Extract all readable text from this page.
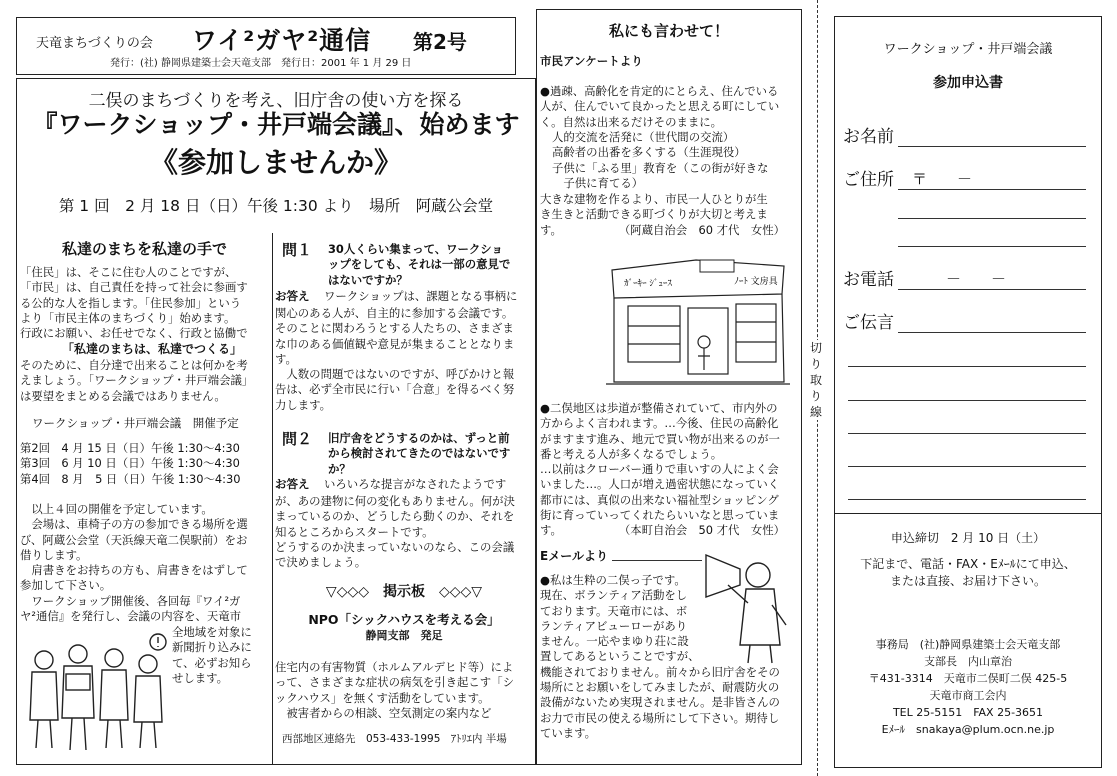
天竜まちづくりの会 ワイ²ガヤ²通信 第2号
発行：(社) 静岡県建築士会天竜支部　発行日：2001 年 1 月 29 日
二俣のまちづくりを考え、旧庁舎の使い方を探る
『ワークショップ・井戸端会議』、始めます
《参加しませんか》
第 1 回　2 月 18 日（日）午後 1:30 より　場所　阿蔵公会堂
私達のまちを私達の手で
「住民」は、そこに住む人のことですが、
「市民」は、自己責任を持って社会に参画す
る公的な人を指します。「住民参加」という
より「市民主体のまちづくり」始めます。
行政にお願い、お任せでなく、行政と協働で
「私達のまちは、私達でつくる」
そのために、自分達で出来ることは何かを考
えましょう。「ワークショップ・井戸端会議」
は要望をまとめる会議ではありません。
ワークショップ・井戸端会議　開催予定
第2回　4 月 15 日（日）午後 1:30〜4:30
第3回　6 月 10 日（日）午後 1:30〜4:30
第4回　8 月　5 日（日）午後 1:30〜4:30
　以上４回の開催を予定しています。
　会場は、車椅子の方の参加できる場所を選
び、阿蔵公会堂（天浜線天竜二俣駅前）をお
借りします。
　肩書きをお持ちの方も、肩書きをはずして
参加して下さい。
　ワークショップ開催後、各回毎『ワイ²ガ
ヤ²通信』を発行し、会議の内容を、天竜市
全地域を対象に
新聞折り込みに
て、必ずお知ら
せします。
問１ 30人くらい集まって、ワークショ
ップをしても、それは一部の意見で
はないですか？
お答え ワークショップは、課題となる事柄に
関心のある人が、自主的に参加する会議です。
そのことに関わろうとする人たちの、さまざま
な巾のある価値観や意見が集まることとなりま
す。
　人数の問題ではないのですが、呼びかけと報
告は、必ず全市民に行い「合意」を得るべく努
力します。
問２ 旧庁舎をどうするのかは、ずっと前
から検討されてきたのではないです
か？
お答え いろいろな提言がなされたようです
が、あの建物に何の変化もありません。何が決
まっているのか、どうしたら動くのか、それを
知るところからスタートです。
どうするのか決まっていないのなら、この会議
で決めましょう。
▽◇◇◇　掲示板　◇◇◇▽
NPO「シックハウスを考える会」
静岡支部　発足
住宅内の有害物質（ホルムアルデヒド等）によ
って、さまざまな症状の病気を引き起こす「シ
ックハウス」を無くす活動をしています。
　被害者からの相談、空気測定の案内など
西部地区連絡先　053-433-1995　ｱﾄﾘｴ内 半場
私にも言わせて！
市民アンケートより
●過疎、高齢化を肯定的にとらえ、住んでいる
人が、住んでいて良かったと思える町にしてい
く。自然は出来るだけそのままに。
人的交流を活発に（世代間の交流）
高齢者の出番を多くする（生涯現役）
子供に「ふる里」教育を（この街が好きな
　子供に育てる）
大きな建物を作るより、市民一人ひとりが生
き生きと活動できる町づくりが大切と考えま
す。　　　　　　（阿蔵自治会　60 才代　女性）
ｶﾞｰｷｰ ｼﾞｭｰｽ	ﾉｰﾄ 文房具
●二俣地区は歩道が整備されていて、市内外の
方からよく言われます。…今後、住民の高齢化
がますます進み、地元で買い物が出来るのが一
番と考える人が多くなるでしょう。
…以前はクローバー通りで車いすの人によく会
いました…。人口が増え過密状態になっていく
都市には、真似の出来ない福祉型ショッピング
街に育っていってくれたらいいなと思っていま
す。　　　　　　（本町自治会　50 才代　女性）
Eメールより
●私は生粋の二俣っ子です。
現在、ボランティア活動をし
ております。天竜市には、ボ
ランティアビューローがあり
ません。一応やまゆり荘に設
置してあるということですが、
機能されておりません。前々から旧庁舎をその
場所にとお願いをしてみましたが、耐震防火の
設備がないため実現されません。是非皆さんの
お力で市民の使える場所にして下さい。期待し
ています。
切
り
取
り
線
ワークショップ・井戸端会議
参加申込書
お名前
ご住所 〒　　－
お電話	－　　－
ご伝言
申込締切　2 月 10 日（土）
下記まで、電話・FAX・Eﾒｰﾙにて申込、
または直接、お届け下さい。
事務局　(社)静岡県建築士会天竜支部
支部長　内山章治
〒431-3314　天竜市二俣町二俣 425-5
天竜市商工会内
TEL 25-5151　FAX 25-3651
Eﾒｰﾙ　snakaya@plum.ocn.ne.jp
